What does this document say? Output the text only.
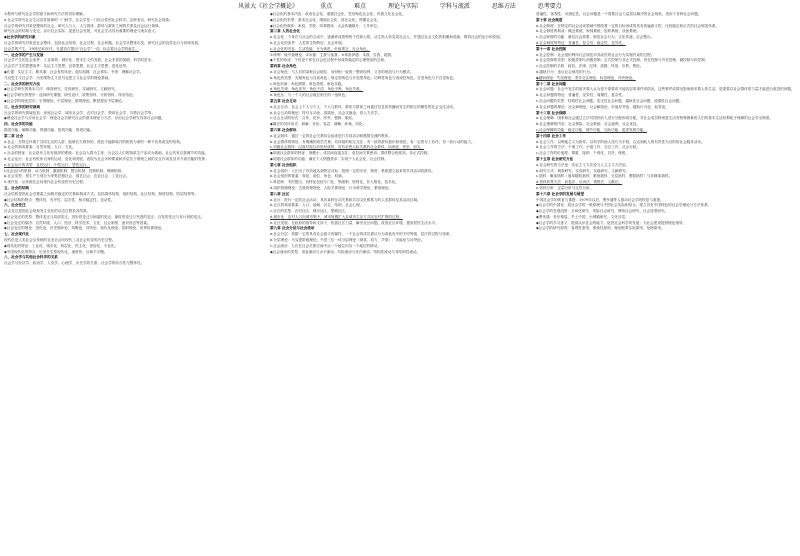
风景大《社会学概论》	重点	难点	理论与实际	学科与流派	思维方法	思考要点

①教育与研究社会学的意义和研究方法的初步理解。

a.社会学研究社会生活及其规律的一门科学，社会学是一门综合性的社会科学。这种变动，研究社会现象。

社会学的研究对象是整体的社会，研究人与人、人与群体、群体与群体之间的关系及社会运行规律。

研究社会的结构与变迁，认识社会实际、促进社会发展，对社会生活具有重要的理论与现实意义。

◆社会学的研究对象

社会学的研究对象是社会整体，包括社会结构、社会过程、社会问题。社会学从整体出发，研究社会的良性运行与协调发展。

社会学的产生：19世纪30年代，孔德首次提出“社会学”一词，标志着社会学的诞生。

一、社会学的产生与发展

社会学产生的社会条件：工业革命、城市化、资本主义的发展，社会矛盾的加剧，科学的进步。

社会学产生的思想条件：实证主义思想、启蒙思想、社会主义思想、进化论等。

◆孔德：实证主义；斯宾塞：社会有机体论；迪尔凯姆：社会事实；韦伯：理解社会学。

马克思主义社会学：历史唯物主义是马克思主义社会学的理论基础。

二、社会学的研究方法

◆社会学研究的基本方法：调查研究、实验研究、实地研究、文献研究。

◆社会学研究的程序：选择研究课题、研究设计、收集资料、分析资料、得出结论。

◆社会学的理论层次：宏观理论、中层理论、微观理论。默顿提出中层理论。

三、社会学的研究领域

社会学的研究领域包括：家庭社会学、城市社会学、农村社会学、教育社会学、宗教社会学等。

◆理论社会学与应用社会学：理论社会学研究社会的基本理论与方法；应用社会学研究具体社会问题。

四、社会学的功能

描述功能、解释功能、预测功能、批判功能、规划功能。

第二章 社会

a.社会：在特定环境下共同生活的人群，能够长久维持的、彼此不能够离开的相依为命的一种不容易改变的结构。

b.社会的构成要素：自然环境、人口、文化。

c.社会的特征：社会是有文化有组织的系统；社会以人群为主体；社会以人们的物质生产活动为基础；社会具有自我调节的功能。

d.社会运行：社会有机体自身的运动、变化和发展，表现为社会多种要素和多层次子系统之间的交互作用及其多方面功能的发挥。

e.社会运行的类型：良性运行、中性运行、恶性运行。

f.社会运行的机制：动力机制、激励机制、整合机制、控制机制、保障机制。

g.社会类型：按生产力划分为采集狩猎社会、园艺社会、农业社会、工业社会。

h.现代化：从传统社会向现代社会转变的历史过程。

五、社会的结构

社会结构是指社会各要素之间相对稳定的关系和构成方式。包括群体结构、组织结构、社区结构、制度结构、阶层结构等。

◆社会结构的特点：整体性、有序性、层次性、相对稳定性、变动性。

六、社会变迁

社会变迁是指社会现象发生变化的动态过程及其结果。

◆社会变迁的类型：整体变迁与局部变迁；进步的变迁与倒退的变迁；渐进的变迁与突进的变迁；自发的变迁与有计划的变迁。

◆社会变迁的原因：自然环境、人口、经济、科学技术、文化、社会制度、意识形态等因素。

◆社会变迁的理论：进化论、历史循环论、均衡论、冲突论、现代化理论、依附理论、世界体系理论。

七、社会现代化

现代化是人类社会从传统的农业社会向现代工业社会转变的历史过程。

◆现代化的特征：工业化、城市化、科层化、民主化、世俗化、专业化。

◆中国现代化的特点：后发外生型现代化，速度快，区域不平衡。

八、社会学与其他社会科学的关系

社会学与经济学、政治学、人类学、心理学、历史学的关系。社会学的综合性与整体性。

◆社会化的基本内容：政治社会化、道德社会化、性别角色社会化、民族文化社会化。

◆社会化的类型：基本社会化、继续社会化、再社会化、预期社会化。

◆社会化的载体：家庭、学校、同辈群体、大众传播媒介、工作单位。

第三章 人的社会化

a.社会化：个体在与社会的互动中，逐渐养成独特的个性和人格，从生物人转变成社会人，并通过社会文化的积累和延续，维持社会的运行和发展。

b.社会化的条件：人类的生物特征；社会环境。

c.社会化的内容：生活技能、行为规范、价值观念、社会角色。

①库利：镜中我理论；②米德：主我与客我；③弗洛伊德：本我、自我、超我。

◆个性的形成：个性是个体在社会化过程中形成的稳定的心理特征的总和。

第四章 社会角色

a.社会角色：与人们的某种社会地位、身份相一致的一整套权利、义务的规范与行为模式。

b.角色的类型：先赋角色与自致角色；规定型角色与开放型角色；功利性角色与表现性角色；自觉角色与不自觉角色。

c.角色扮演：角色期望、角色领悟、角色实践。

d.角色失调：角色冲突、角色不清、角色中断、角色失败。

e.角色丛：与一个人的社会地位相关的一组角色。

第五章 社会互动

a.社会互动：社会上个人与个人、个人与群体、群体与群体之间通过信息的传播而发生的相互依赖性的社会交往活动。

b.社会互动的理论：符号互动论、拟剧论、社会交换论、常人方法学。

c.社会互动的形式：合作、竞争、冲突、强制、顺应。

◆顺应的具体形式：和解、妥协、容忍、调解、仲裁、同化。

第六章 社会群体

a.社会群体：通过一定的社会关系结合起来进行共同活动和感情交流的集体。

b.社会群体的特征：有明确的成员关系；有持续的相互交往；有一致的群体意识和规范；有一定的分工协作；有一致行动的能力。

c.初级社会群体：由面对面互动所形成的、具有亲密人际关系的社会群体，如家庭、邻里、朋友。

◆初级社会群体的特征：规模小；成员间直接交往；成员间关系密切；群体整合程度高；非正式控制。

◆初级社会群体的功能：满足个人情感需求；实现个人社会化；社会控制。

第七章 社会组织

a.社会组织：人们为了有效地达到特定目标，按照一定的宗旨、制度、系统建立起来的共同活动的群体。

b.社会组织的要素：规范、地位、角色、权威。

c.科层制：韦伯提出，其特征包括专门化、等级制、规则化、非人格化、技术化。

d.组织管理理论：古典管理理论、人际关系理论、行为科学理论、系统理论。

第八章 社区

a.社区：进行一定的社会活动、具有某种互动关系和共同文化维系力的人类群体及其活动区域。

b.社区的构成要素：人口、地域、区位、结构、社会心理。

c.社区的类型：农村社区、城市社区、集镇社区。

d.城市化：农村人口向城市集中，城市规模扩大及城市生活方式向农村扩散的过程。

e.社区发展：在政府的指导和支持下，依靠社区力量，解决社区问题，改善社区环境，提高居民生活水平。

第九章 社会分层与社会流动

a.社会分层：依据一定的具有社会意义的属性，一个社会的成员被区分为高低有序的不同等级、层次的过程与现象。

b.分层理论：马克思阶级理论；韦伯三位一体分层理论（财富、权力、声望）；功能论与冲突论。

c.社会流动：人们在社会关系空间中从一个地位向另一个地位的移动。

◆社会流动的类型：垂直流动与水平流动；代际流动与代内流动；结构性流动与非结构性流动。

普遍性、客观性、可测定性。社会问题是一个需要社会力量加以解决的社会现象。适用于各种社会问题。

第十章 社会制度

a.社会制度：在特定的社会活动领域中围绕着一定的目标形成的具有普遍意义的、比较稳定和正式的社会规范体系。

b.社会制度的构成：概念系统、规则系统、组织系统、设备系统。

c.社会制度的功能：满足社会需要；规范社会行为；文化传递；社会整合。

d.社会制度的特征：普遍性、复合性、稳定性、变异性。

第十一章 社会控制

a.社会控制：社会组织利用社会规范对其成员的社会行为实施约束的过程。

b.社会控制的类型：积极控制与消极控制；正式控制与非正式控制；内在控制与外在控制；硬控制与软控制。

c.社会控制的手段：政权、法律、纪律、道德、风俗、宗教、舆论。

d.越轨行为：违反社会规范的行为。

◆越轨理论：失范理论、差异交往理论、标签理论、冲突理论。

第十二章 社会问题

a.社会问题：社会中发生的被多数人认为是不需要或不能容忍的事件或情况，这些事件或情况影响到多数人的生活，是需要以社会群体的力量才能进行改进的问题。

b.社会问题的特征：普遍性、变异性、周期性、复杂性。

c.社会问题的类型：结构性社会问题、变迁性社会问题、越轨性社会问题、道德性社会问题。

d.社会问题的理论：社会病理论、社会解组论、价值冲突论、越轨行为论、标签论。

第十三章 社会保障

a.社会保障：国家和社会通过立法对国民收入进行分配和再分配，对社会成员特别是生活有特殊困难的人们的基本生活权利给予保障的社会安全制度。

b.社会保障的内容：社会保险、社会救助、社会福利、社会优抚。

c.社会保障的功能：稳定功能、调节功能、互助功能、促进发展功能。

第十四章 社会工作

a.社会工作：以利他主义为指导，以科学的助人技巧为手段，以达到助人的有效性为目的的社会服务活动。

b.社会工作的方法：个案工作、小组工作、社区工作、社会行政。

c.社会工作的价值观：尊重、接纳、个别化、自决、保密。

第十五章 社会研究方法

a.社会研究的方法论：实证主义方法论与人文主义方法论。

b.研究方式：调查研究、实验研究、实地研究、文献研究。

c.抽样：概率抽样（简单随机抽样、系统抽样、分层抽样、整群抽样）与非概率抽样。

d.资料收集方法：问卷法、访谈法、观察法、文献法。

e.资料分析：定量分析与定性分析。

第十六章 社会学的发展与展望

中国社会学的恢复与重建：1979年以后，费孝通等人推动社会学的恢复与重建。

◆社会学的中国化：将社会学的一般原理与中国社会实际相结合，建立具有中国特色的社会学理论与方法体系。

◆社会学的发展趋势：全球化研究、风险社会研究、网络社会研究、社会转型研究。

◆费孝通：差序格局、乡土中国、小城镇研究、文化自觉。

◆社会学的学习意义：提高认识社会的能力；促进社会科学的发展；为社会建设提供理论指导。

◆社会学的研究原则：客观性原则、系统性原则、理论联系实际原则、伦理原则。
